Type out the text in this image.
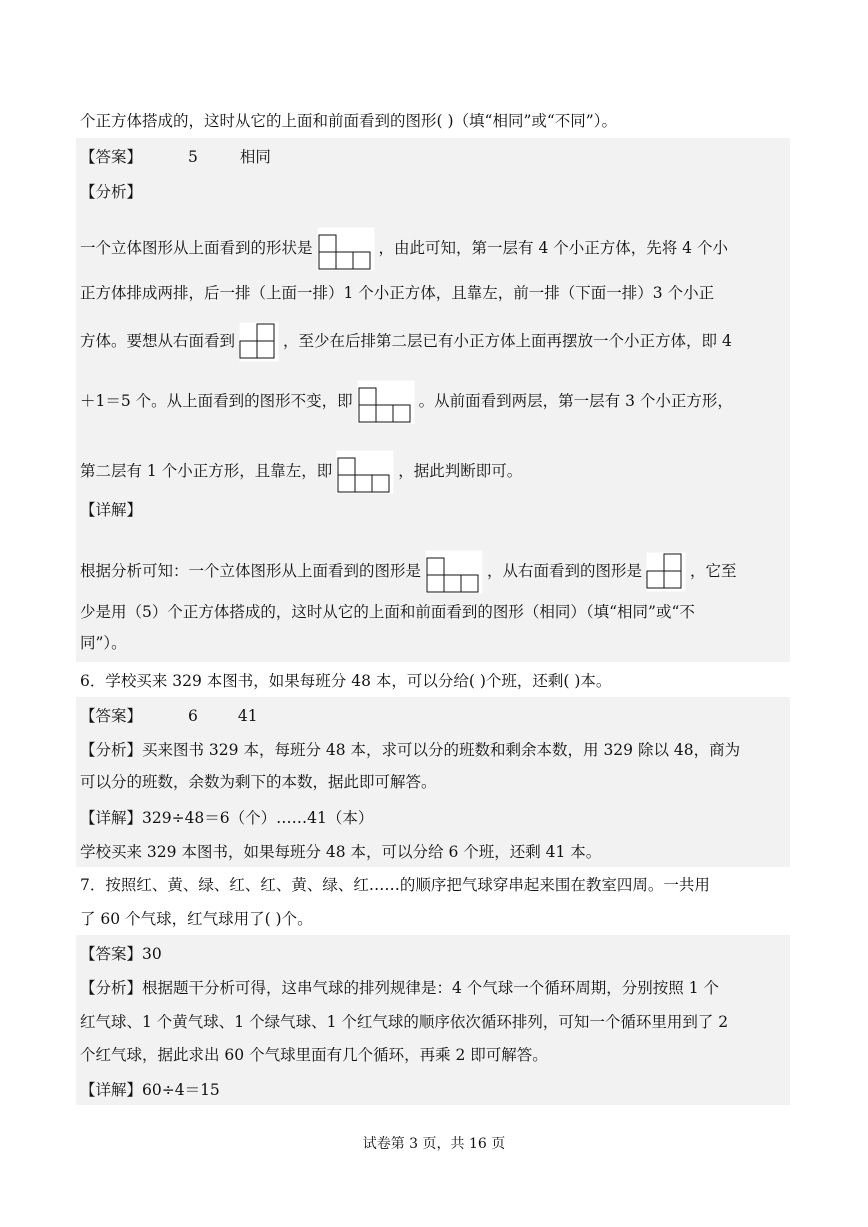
个正方体搭成的，这时从它的上面和前面看到的图形( )（填“相同”或“不同”）。
【答案】	5	相同
【分析】
一个立体图形从上面看到的形状是	，由此可知，第一层有 4 个小正方体，先将 4 个小
正方体排成两排，后一排（上面一排）1 个小正方体，且靠左，前一排（下面一排）3 个小正
方体。要想从右面看到	，至少在后排第二层已有小正方体上面再摆放一个小正方体，即 4
＋1＝5 个。从上面看到的图形不变，即	。从前面看到两层，第一层有 3 个小正方形，
第二层有 1 个小正方形，且靠左，即	，据此判断即可。
【详解】
根据分析可知：一个立体图形从上面看到的图形是	，从右面看到的图形是	，它至
少是用（5）个正方体搭成的，这时从它的上面和前面看到的图形（相同）（填“相同”或“不
同”）。
6．学校买来 329 本图书，如果每班分 48 本，可以分给( )个班，还剩( )本。
【答案】	6	41
【分析】买来图书 329 本，每班分 48 本，求可以分的班数和剩余本数，用 329 除以 48，商为
可以分的班数，余数为剩下的本数，据此即可解答。
【详解】329÷48＝6（个）……41（本）
学校买来 329 本图书，如果每班分 48 本，可以分给 6 个班，还剩 41 本。
7．按照红、黄、绿、红、红、黄、绿、红……的顺序把气球穿串起来围在教室四周。一共用
了 60 个气球，红气球用了( )个。
【答案】30
【分析】根据题干分析可得，这串气球的排列规律是：4 个气球一个循环周期，分别按照 1 个
红气球、1 个黄气球、1 个绿气球、1 个红气球的顺序依次循环排列，可知一个循环里用到了 2
个红气球，据此求出 60 个气球里面有几个循环，再乘 2 即可解答。
【详解】60÷4＝15
试卷第 3 页，共 16 页
